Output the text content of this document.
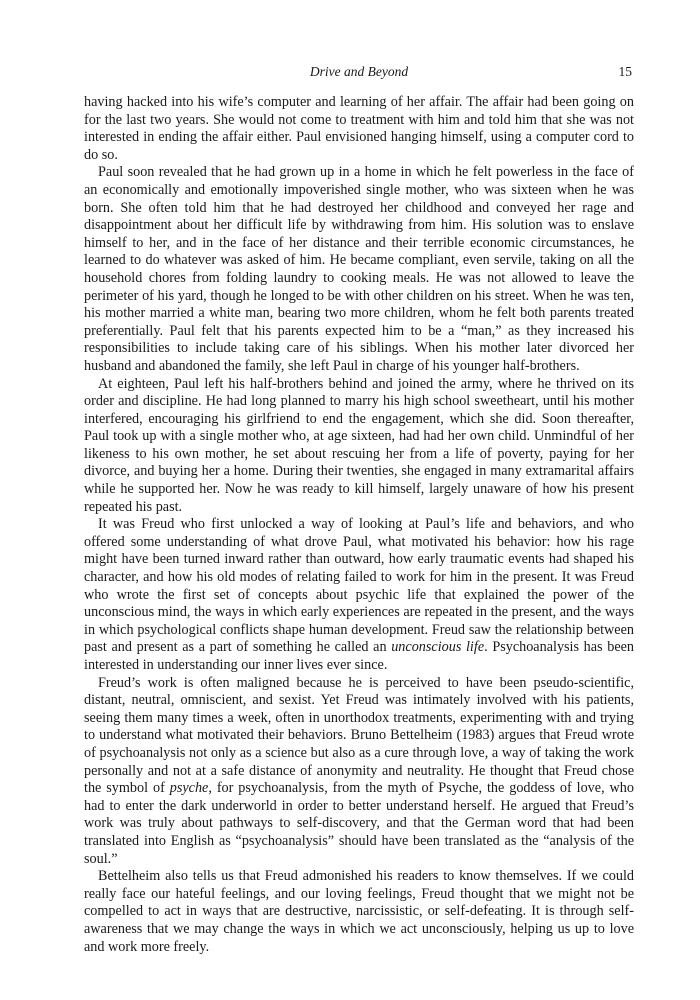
Drive and Beyond	15

having hacked into his wife’s computer and learning of her affair. The affair had been going on for the last two years. She would not come to treatment with him and told him that she was not interested in ending the affair either. Paul envisioned hanging himself, using a computer cord to do so.

Paul soon revealed that he had grown up in a home in which he felt powerless in the face of an economically and emotionally impoverished single mother, who was sixteen when he was born. She often told him that he had destroyed her childhood and conveyed her rage and disappointment about her difficult life by withdrawing from him. His solution was to enslave himself to her, and in the face of her distance and their terrible economic circumstances, he learned to do whatever was asked of him. He became compliant, even servile, taking on all the household chores from folding laundry to cooking meals. He was not allowed to leave the perimeter of his yard, though he longed to be with other children on his street. When he was ten, his mother married a white man, bearing two more children, whom he felt both parents treated preferentially. Paul felt that his parents expected him to be a “man,” as they increased his responsibilities to include taking care of his siblings. When his mother later divorced her husband and abandoned the family, she left Paul in charge of his younger half-brothers.

At eighteen, Paul left his half-brothers behind and joined the army, where he thrived on its order and discipline. He had long planned to marry his high school sweetheart, until his mother interfered, encouraging his girlfriend to end the engagement, which she did. Soon thereafter, Paul took up with a single mother who, at age sixteen, had had her own child. Unmindful of her likeness to his own mother, he set about rescuing her from a life of poverty, paying for her divorce, and buying her a home. During their twenties, she engaged in many extramarital affairs while he supported her. Now he was ready to kill himself, largely unaware of how his present repeated his past.

It was Freud who first unlocked a way of looking at Paul’s life and behaviors, and who offered some understanding of what drove Paul, what motivated his behavior: how his rage might have been turned inward rather than outward, how early traumatic events had shaped his character, and how his old modes of relating failed to work for him in the present. It was Freud who wrote the first set of concepts about psychic life that explained the power of the unconscious mind, the ways in which early experiences are repeated in the present, and the ways in which psychological conflicts shape human development. Freud saw the relationship between past and present as a part of something he called an unconscious life. Psychoanalysis has been interested in understanding our inner lives ever since.

Freud’s work is often maligned because he is perceived to have been pseudo-scientific, distant, neutral, omniscient, and sexist. Yet Freud was intimately involved with his patients, seeing them many times a week, often in unorthodox treatments, experimenting with and trying to understand what motivated their behaviors. Bruno Bettelheim (1983) argues that Freud wrote of psychoanalysis not only as a science but also as a cure through love, a way of taking the work personally and not at a safe distance of anonymity and neutrality. He thought that Freud chose the symbol of psyche, for psychoanalysis, from the myth of Psyche, the goddess of love, who had to enter the dark underworld in order to better understand herself. He argued that Freud’s work was truly about pathways to self-discovery, and that the German word that had been translated into English as “psychoanalysis” should have been translated as the “analysis of the soul.”

Bettelheim also tells us that Freud admonished his readers to know themselves. If we could really face our hateful feelings, and our loving feelings, Freud thought that we might not be compelled to act in ways that are destructive, narcissistic, or self-defeating. It is through self-awareness that we may change the ways in which we act unconsciously, helping us up to love and work more freely.
